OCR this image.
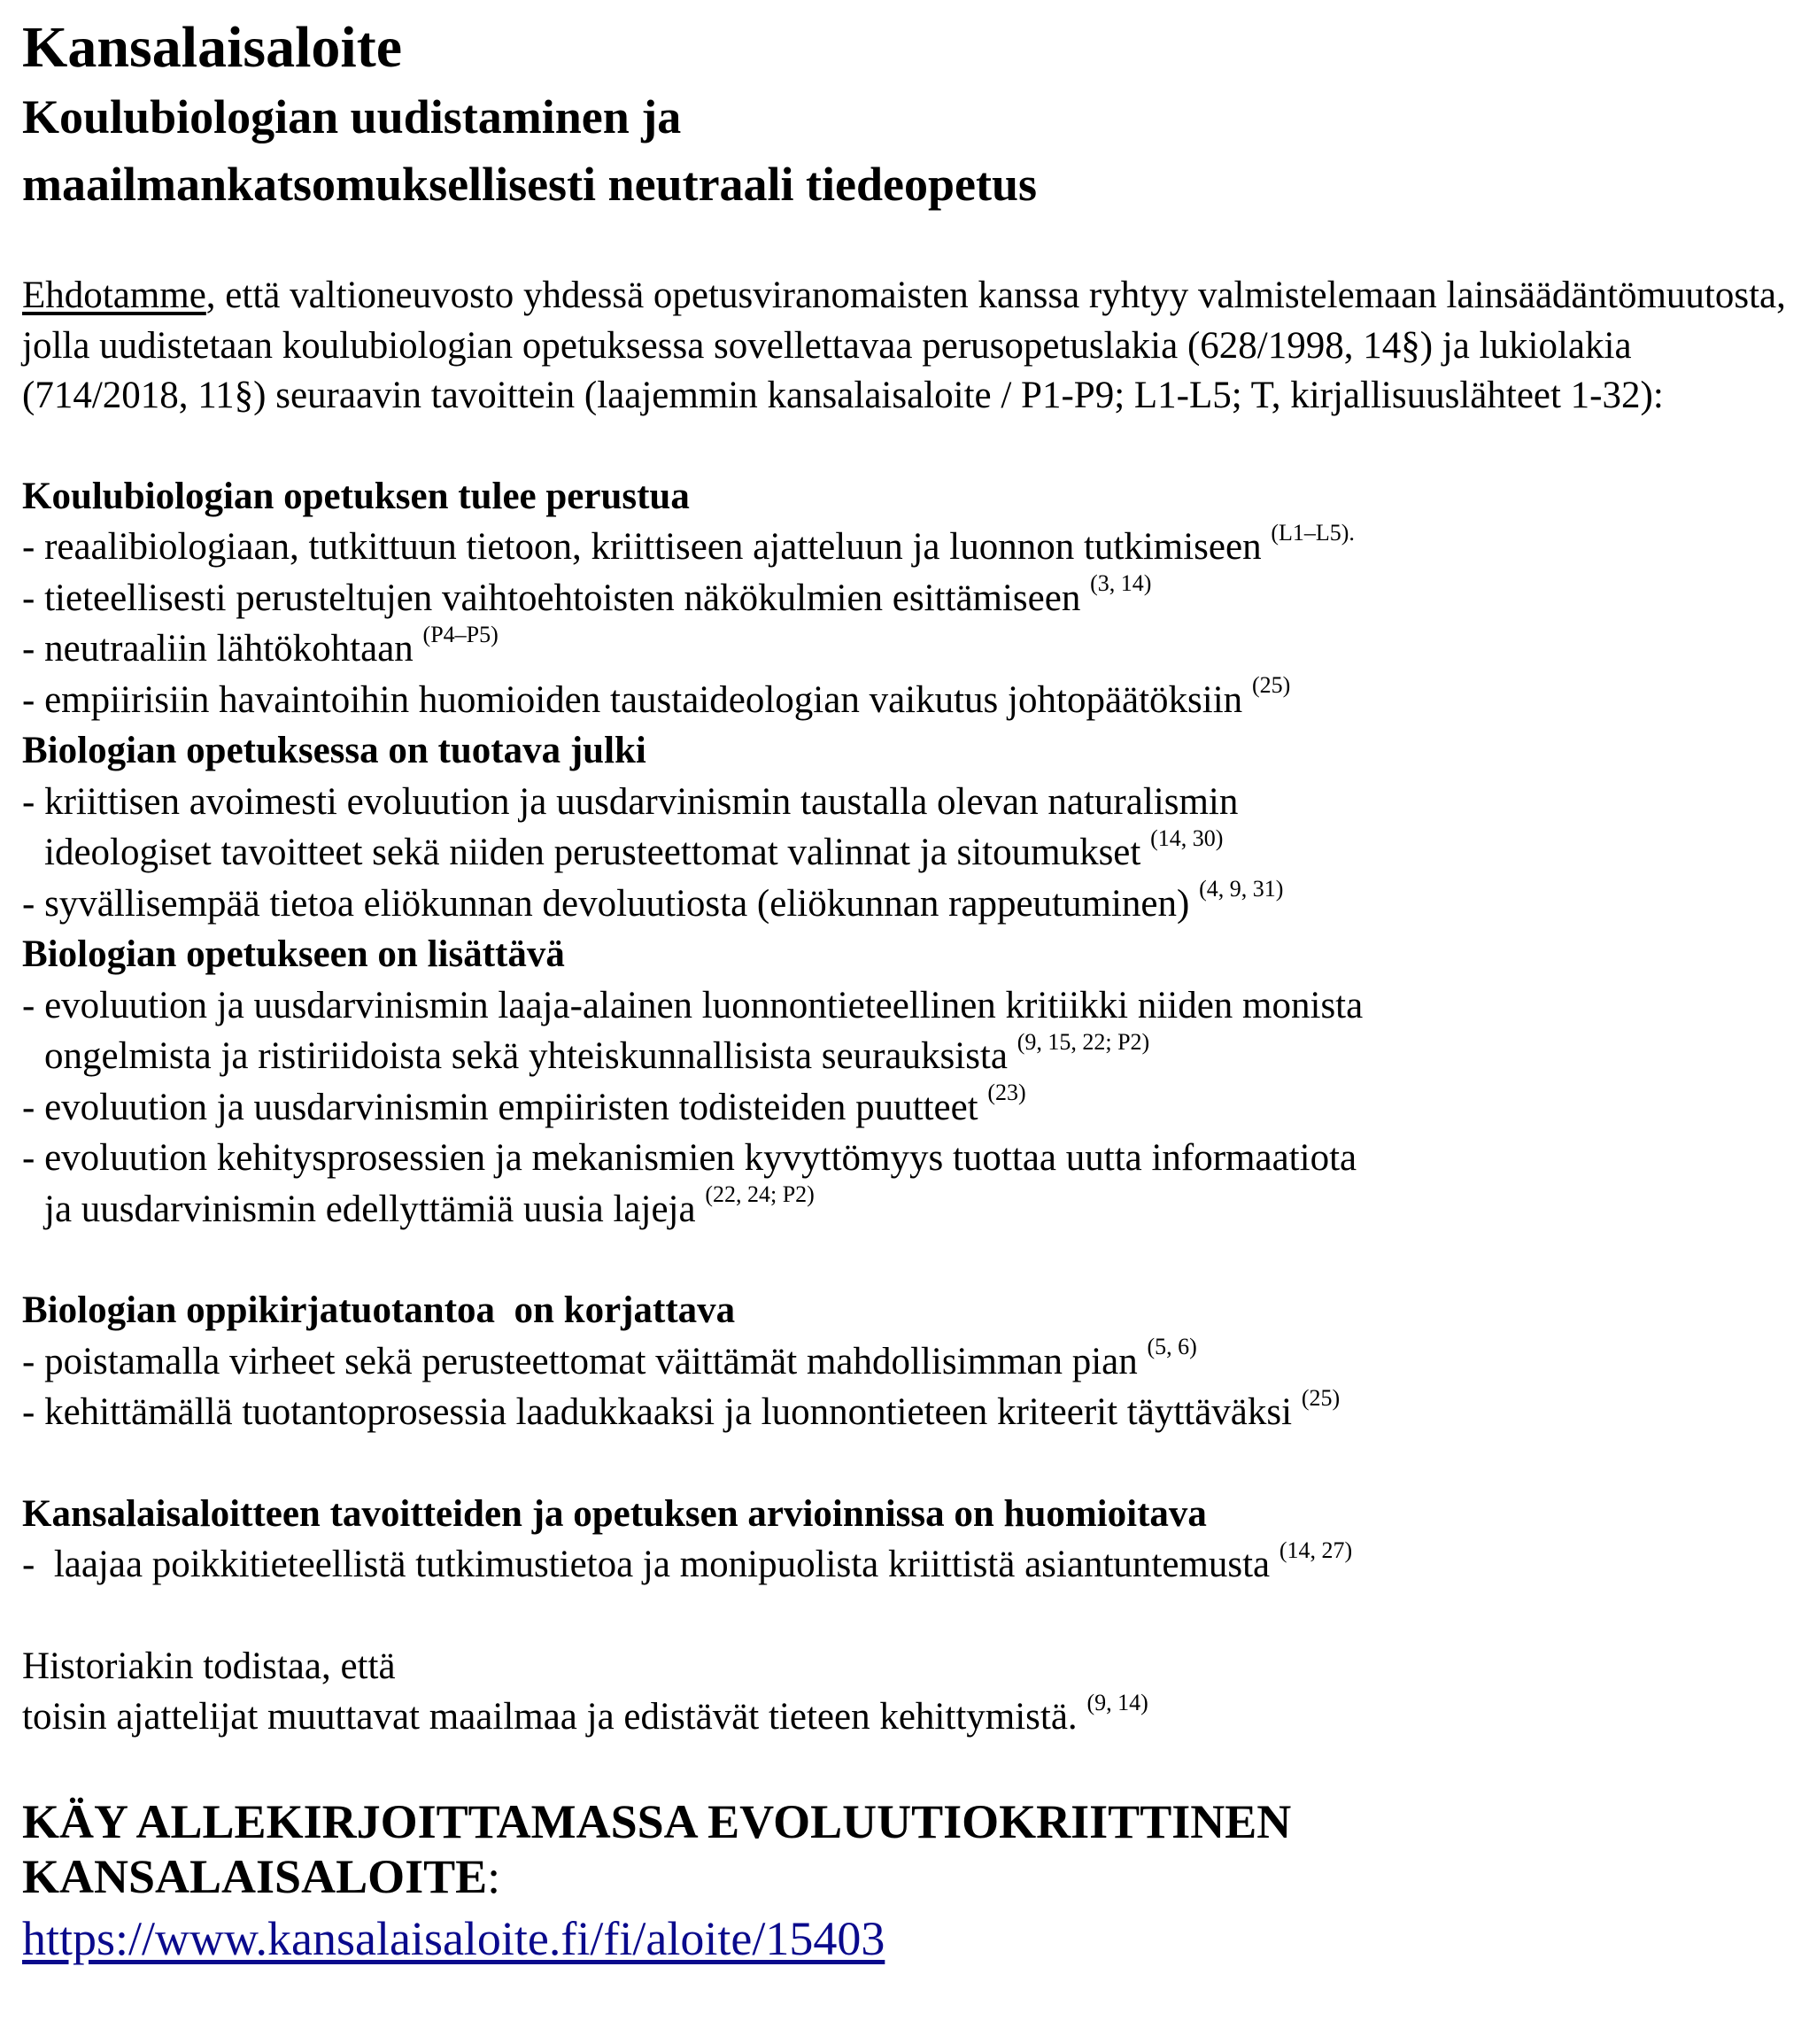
Kansalaisaloite

Koulubiologian uudistaminen ja

maailmankatsomuksellisesti neutraali tiedeopetus

Ehdotamme, että valtioneuvosto yhdessä opetusviranomaisten kanssa ryhtyy valmistelemaan lainsäädäntömuutosta, jolla uudistetaan koulubiologian opetuksessa sovellettavaa perusopetuslakia (628/1998, 14§) ja lukiolakia (714/2018, 11§) seuraavin tavoittein (laajemmin kansalaisaloite / P1-P9; L1-L5; T, kirjallisuuslähteet 1-32):

Koulubiologian opetuksen tulee perustua

- reaalibiologiaan, tutkittuun tietoon, kriittiseen ajatteluun ja luonnon tutkimiseen $^{(L1-L5).}$

- tieteellisesti perusteltujen vaihtoehtoisten näkökulmien esittämiseen $^{(3, 14)}$

- neutraaliin lähtökohtaan $^{(P4-P5)}$

- empiirisiin havaintoihin huomioiden taustaideologian vaikutus johtopäätöksiin $^{(25)}$

Biologian opetuksessa on tuotava julki

- kriittisen avoimesti evoluution ja uusdarvinismin taustalla olevan naturalismin

ideologiset tavoitteet sekä niiden perusteettomat valinnat ja sitoumukset $^{(14, 30)}$

- syvällisempää tietoa eliökunnan devoluutiosta (eliökunnan rappeutuminen) $^{(4, 9, 31)}$

Biologian opetukseen on lisättävä

- evoluution ja uusdarvinismin laaja-alainen luonnontieteellinen kritiikki niiden monista

ongelmista ja ristiriidoista sekä yhteiskunnallisista seurauksista $^{(9, 15, 22; P2)}$

- evoluution ja uusdarvinismin empiiristen todisteiden puutteet $^{(23)}$

- evoluution kehitysprosessien ja mekanismien kyvyttömyys tuottaa uutta informaatiota

ja uusdarvinismin edellyttämiä uusia lajeja $^{(22, 24; P2)}$

Biologian oppikirjatuotantoa  on korjattava

- poistamalla virheet sekä perusteettomat väittämät mahdollisimman pian $^{(5, 6)}$

- kehittämällä tuotantoprosessia laadukkaaksi ja luonnontieteen kriteerit täyttäväksi $^{(25)}$

Kansalaisaloitteen tavoitteiden ja opetuksen arvioinnissa on huomioitava

-  laajaa poikkitieteellistä tutkimustietoa ja monipuolista kriittistä asiantuntemusta $^{(14, 27)}$

Historiakin todistaa, että

toisin ajattelijat muuttavat maailmaa ja edistävät tieteen kehittymistä. $^{(9, 14)}$

KÄY ALLEKIRJOITTAMASSA EVOLUUTIOKRIITTINEN

KANSALAISALOITE:

https://www.kansalaisaloite.fi/fi/aloite/15403
